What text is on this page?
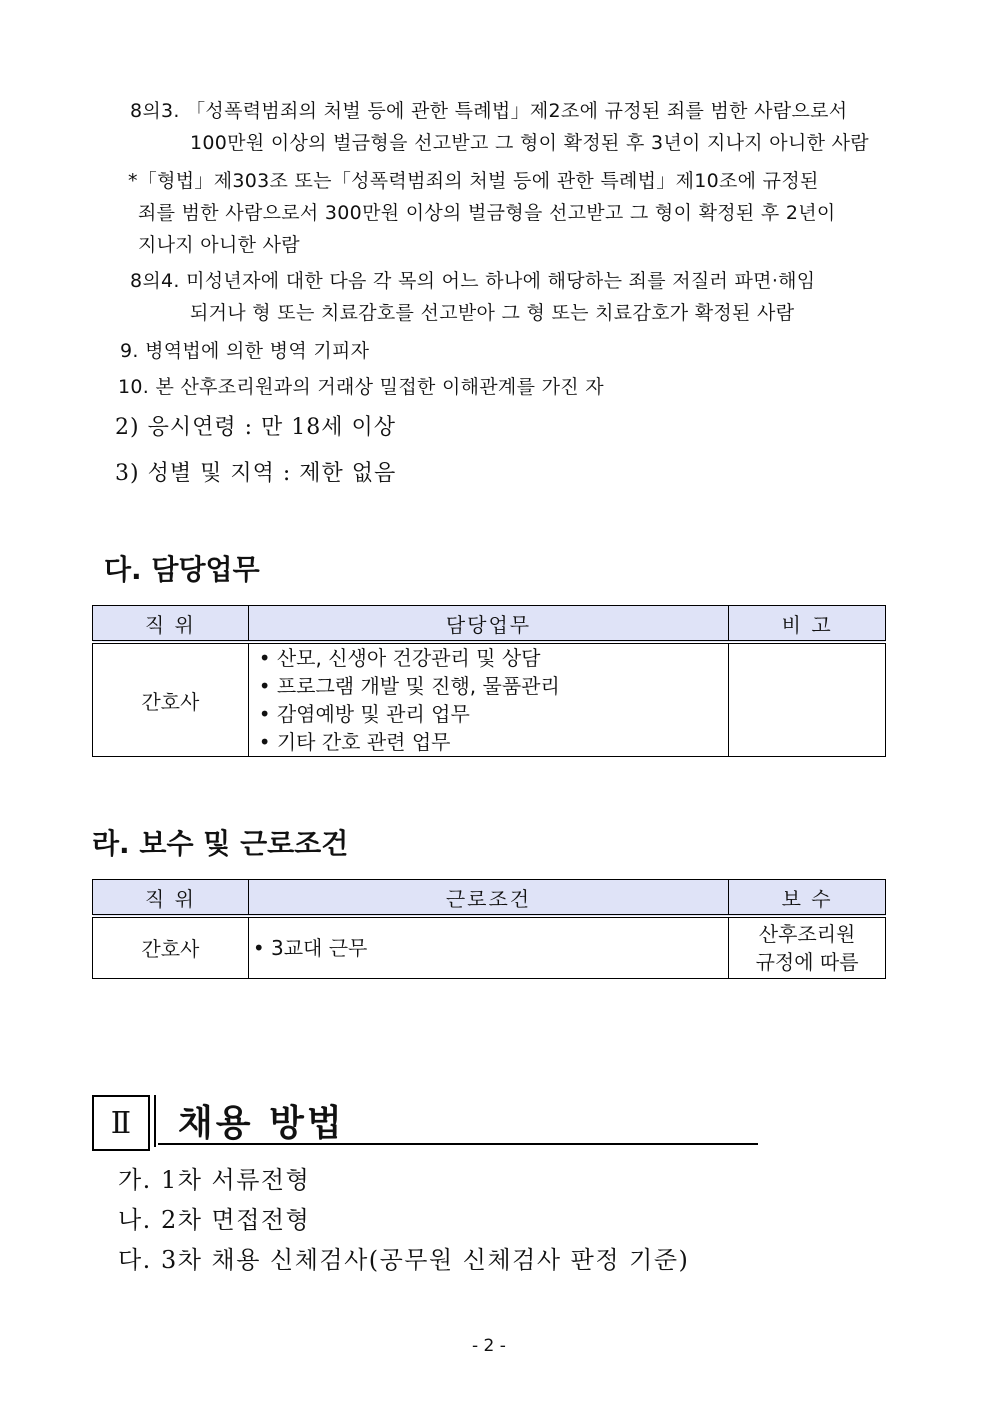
8의3. 「성폭력범죄의 처벌 등에 관한 특례법」제2조에 규정된 죄를 범한 사람으로서
100만원 이상의 벌금형을 선고받고 그 형이 확정된 후 3년이 지나지 아니한 사람
*「형법」제303조 또는「성폭력범죄의 처벌 등에 관한 특례법」제10조에 규정된
죄를 범한 사람으로서 300만원 이상의 벌금형을 선고받고 그 형이 확정된 후 2년이
지나지 아니한 사람
8의4. 미성년자에 대한 다음 각 목의 어느 하나에 해당하는 죄를 저질러 파면·해임
되거나 형 또는 치료감호를 선고받아 그 형 또는 치료감호가 확정된 사람
9. 병역법에 의한 병역 기피자
10. 본 산후조리원과의 거래상 밀접한 이해관계를 가진 자
2) 응시연령 : 만 18세 이상
3) 성별 및 지역 : 제한 없음
다. 담당업무
직 위	담당업무	비 고
간호사	• 산모, 신생아 건강관리 및 상담
• 프로그램 개발 및 진행, 물품관리
• 감염예방 및 관리 업무
• 기타 간호 관련 업무	

라. 보수 및 근로조건
직 위	근로조건	보 수
간호사	• 3교대 근무	산후조리원
규정에 따름
Ⅱ 채용 방법
가. 1차 서류전형
나. 2차 면접전형
다. 3차 채용 신체검사(공무원 신체검사 판정 기준)
- 2 -
